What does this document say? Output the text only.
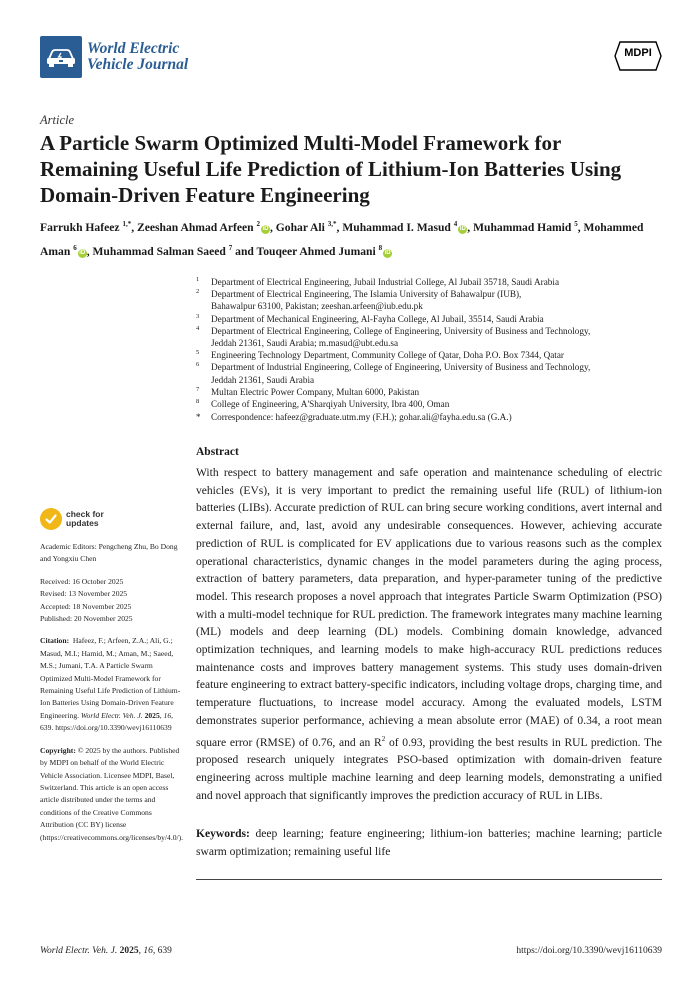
World Electric
Vehicle Journal
MDPI
Article
A Particle Swarm Optimized Multi-Model Framework for Remaining Useful Life Prediction of Lithium-Ion Batteries Using Domain-Driven Feature Engineering
Farrukh Hafeez $^{1,*}$, Zeeshan Ahmad Arfeen $^2$iD , Gohar Ali $^{3,*}$, Muhammad I. Masud $^4$iD , Muhammad Hamid $^5$, Mohammed Aman $^6$iD , Muhammad Salman Saeed $^7$ and Touqeer Ahmed Jumani $^8$iD
1 Department of Electrical Engineering, Jubail Industrial College, Al Jubail 35718, Saudi Arabia
2 Department of Electrical Engineering, The Islamia University of Bahawalpur (IUB),
Bahawalpur 63100, Pakistan; zeeshan.arfeen@iub.edu.pk
3 Department of Mechanical Engineering, Al-Fayha College, Al Jubail, 35514, Saudi Arabia
4 Department of Electrical Engineering, College of Engineering, University of Business and Technology,
Jeddah 21361, Saudi Arabia; m.masud@ubt.edu.sa
5 Engineering Technology Department, Community College of Qatar, Doha P.O. Box 7344, Qatar
6 Department of Industrial Engineering, College of Engineering, University of Business and Technology,
Jeddah 21361, Saudi Arabia
7 Multan Electric Power Company, Multan 6000, Pakistan
8 College of Engineering, A'Sharqiyah University, Ibra 400, Oman
* Correspondence: hafeez@graduate.utm.my (F.H.); gohar.ali@fayha.edu.sa (G.A.)
Abstract
With respect to battery management and safe operation and maintenance scheduling of electric vehicles (EVs), it is very important to predict the remaining useful life (RUL) of lithium-ion batteries (LIBs). Accurate prediction of RUL can bring secure working conditions, avert internal and external failure, and, last, avoid any undesirable consequences. However, achieving accurate prediction of RUL is complicated for EV applications due to various reasons such as the complex operational characteristics, dynamic changes in the model parameters during the aging process, extraction of battery parameters, data preparation, and hyper-parameter tuning of the predictive model. This research proposes a novel approach that integrates Particle Swarm Optimization (PSO) with a multi-model technique for RUL prediction. The framework integrates many machine learning (ML) models and deep learning (DL) models. Combining domain knowledge, advanced optimization techniques, and learning models to make high-accuracy RUL predictions reduces maintenance costs and improves battery management systems. This study uses domain-driven feature engineering to extract battery-specific indicators, including voltage drops, charging time, and temperature fluctuations, to increase model accuracy. Among the evaluated models, LSTM demonstrates superior performance, achieving a mean absolute error (MAE) of 0.34, a root mean square error (RMSE) of 0.76, and an $R^2$ of 0.93, providing the best results in RUL prediction. The proposed research uniquely integrates PSO-based optimization with domain-driven feature engineering across multiple machine learning and deep learning models, demonstrating a unified and novel approach that significantly improves the prediction accuracy of RUL in LIBs.
Keywords: deep learning; feature engineering; lithium-ion batteries; machine learning; particle swarm optimization; remaining useful life
check for
updates
Academic Editors: Pengcheng Zhu, Bo Dong and Yongxiu Chen
Received: 16 October 2025
Revised: 13 November 2025
Accepted: 18 November 2025
Published: 20 November 2025
Citation: Hafeez, F.; Arfeen, Z.A.; Ali, G.; Masud, M.I.; Hamid, M.; Aman, M.; Saeed, M.S.; Jumani, T.A. A Particle Swarm Optimized Multi-Model Framework for Remaining Useful Life Prediction of Lithium-Ion Batteries Using Domain-Driven Feature Engineering. World Electr. Veh. J. 2025, 16, 639. https://doi.org/10.3390/wevj16110639
Copyright: © 2025 by the authors. Published by MDPI on behalf of the World Electric Vehicle Association. Licensee MDPI, Basel, Switzerland. This article is an open access article distributed under the terms and conditions of the Creative Commons Attribution (CC BY) license (https://creativecommons.org/licenses/by/4.0/).
World Electr. Veh. J. 2025, 16, 639	https://doi.org/10.3390/wevj16110639
